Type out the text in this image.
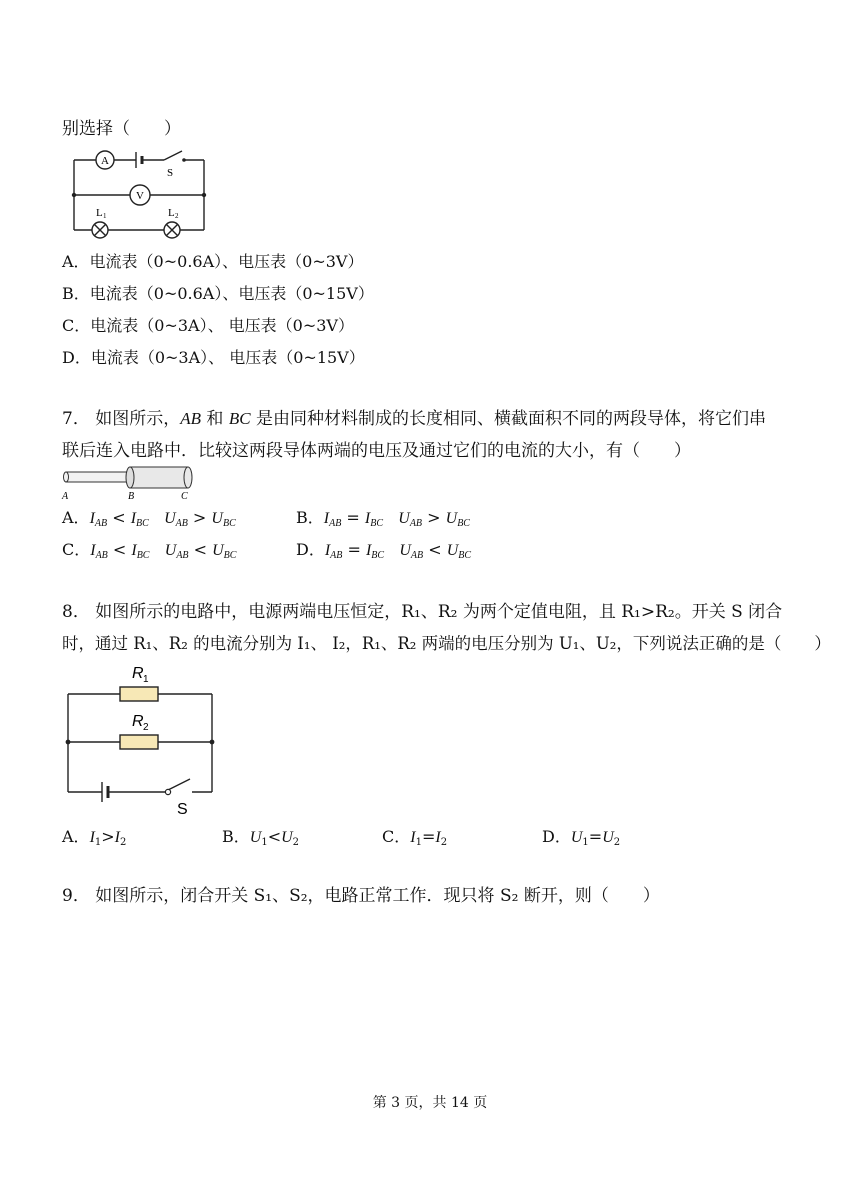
别选择（　　）
A
V
S
L 1	L 2
A．电流表（0~0.6A）、电压表（0~3V）
B．电流表（0~0.6A）、电压表（0~15V）
C．电流表（0~3A）、 电压表（0~3V）
D．电流表（0~3A）、 电压表（0~15V）
7． 如图所示，AB 和 BC 是由同种材料制成的长度相同、横截面积不同的两段导体，将它们串
联后连入电路中．比较这两段导体两端的电压及通过它们的电流的大小，有（　　）
A	B	C
A．$I_{AB} < I_{BC}$ $U_{AB} > U_{BC}$	B．$I_{AB} = I_{BC}$ $U_{AB} > U_{BC}$
C．$I_{AB} < I_{BC}$ $U_{AB} < U_{BC}$	D．$I_{AB} = I_{BC}$ $U_{AB} < U_{BC}$
8． 如图所示的电路中，电源两端电压恒定，R₁、R₂ 为两个定值电阻，且 R₁>R₂。开关 S 闭合
时，通过 R₁、R₂ 的电流分别为 I₁、 I₂，R₁、R₂ 两端的电压分别为 U₁、U₂，下列说法正确的是（　　）
R 1
R 2
S
A．$I_1>I_2$	B．$U_1<U_2$	C．$I_1=I_2$	D．$U_1=U_2$
9． 如图所示，闭合开关 S₁、S₂，电路正常工作．现只将 S₂ 断开，则（　　）
第 3 页，共 14 页
